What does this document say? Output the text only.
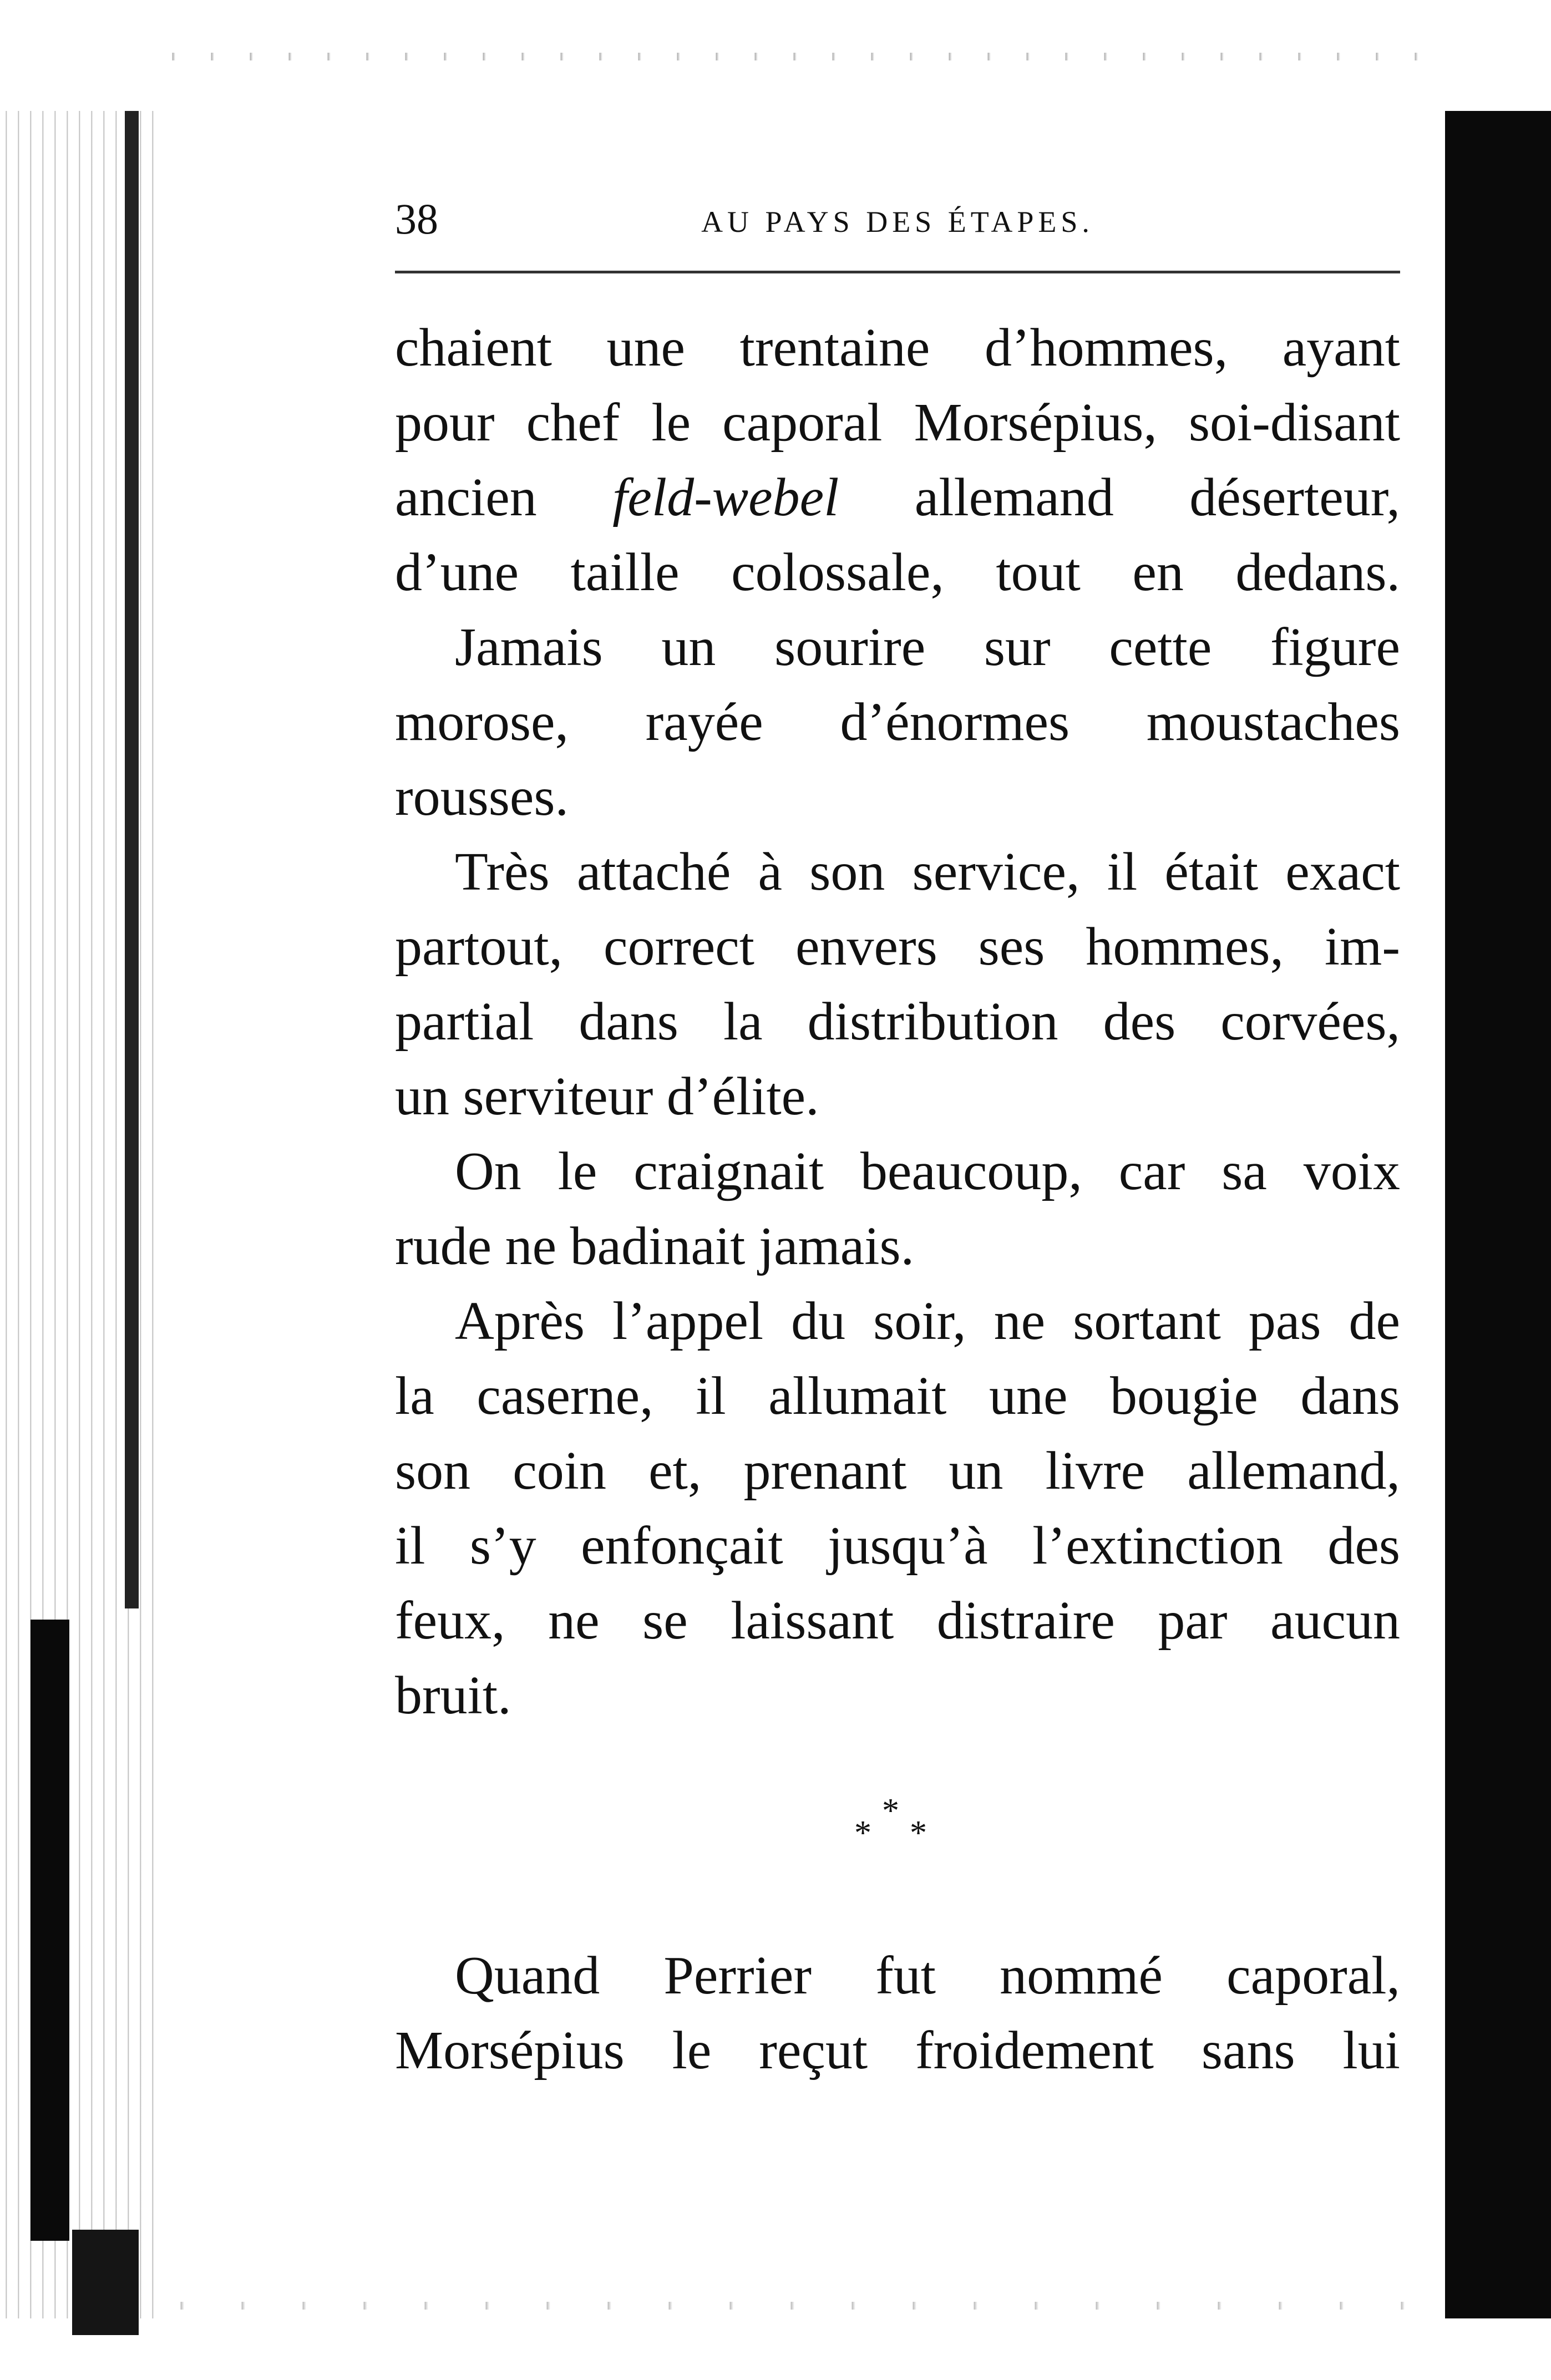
38	AU PAYS DES ÉTAPES.
chaient une trentaine d’hommes, ayant
pour chef le caporal Morsépius, soi-disant
ancien feld-webel allemand déserteur,
d’une taille colossale, tout en dedans.
Jamais un sourire sur cette figure
morose, rayée d’énormes moustaches
rousses.
Très attaché à son service, il était exact
partout, correct envers ses hommes, im-
partial dans la distribution des corvées,
un serviteur d’élite.
On le craignait beaucoup, car sa voix
rude ne badinait jamais.
Après l’appel du soir, ne sortant pas de
la caserne, il allumait une bougie dans
son coin et, prenant un livre allemand,
il s’y enfonçait jusqu’à l’extinction des
feux, ne se laissant distraire par aucun
bruit.
*
* *
Quand Perrier fut nommé caporal,
Morsépius le reçut froidement sans lui
